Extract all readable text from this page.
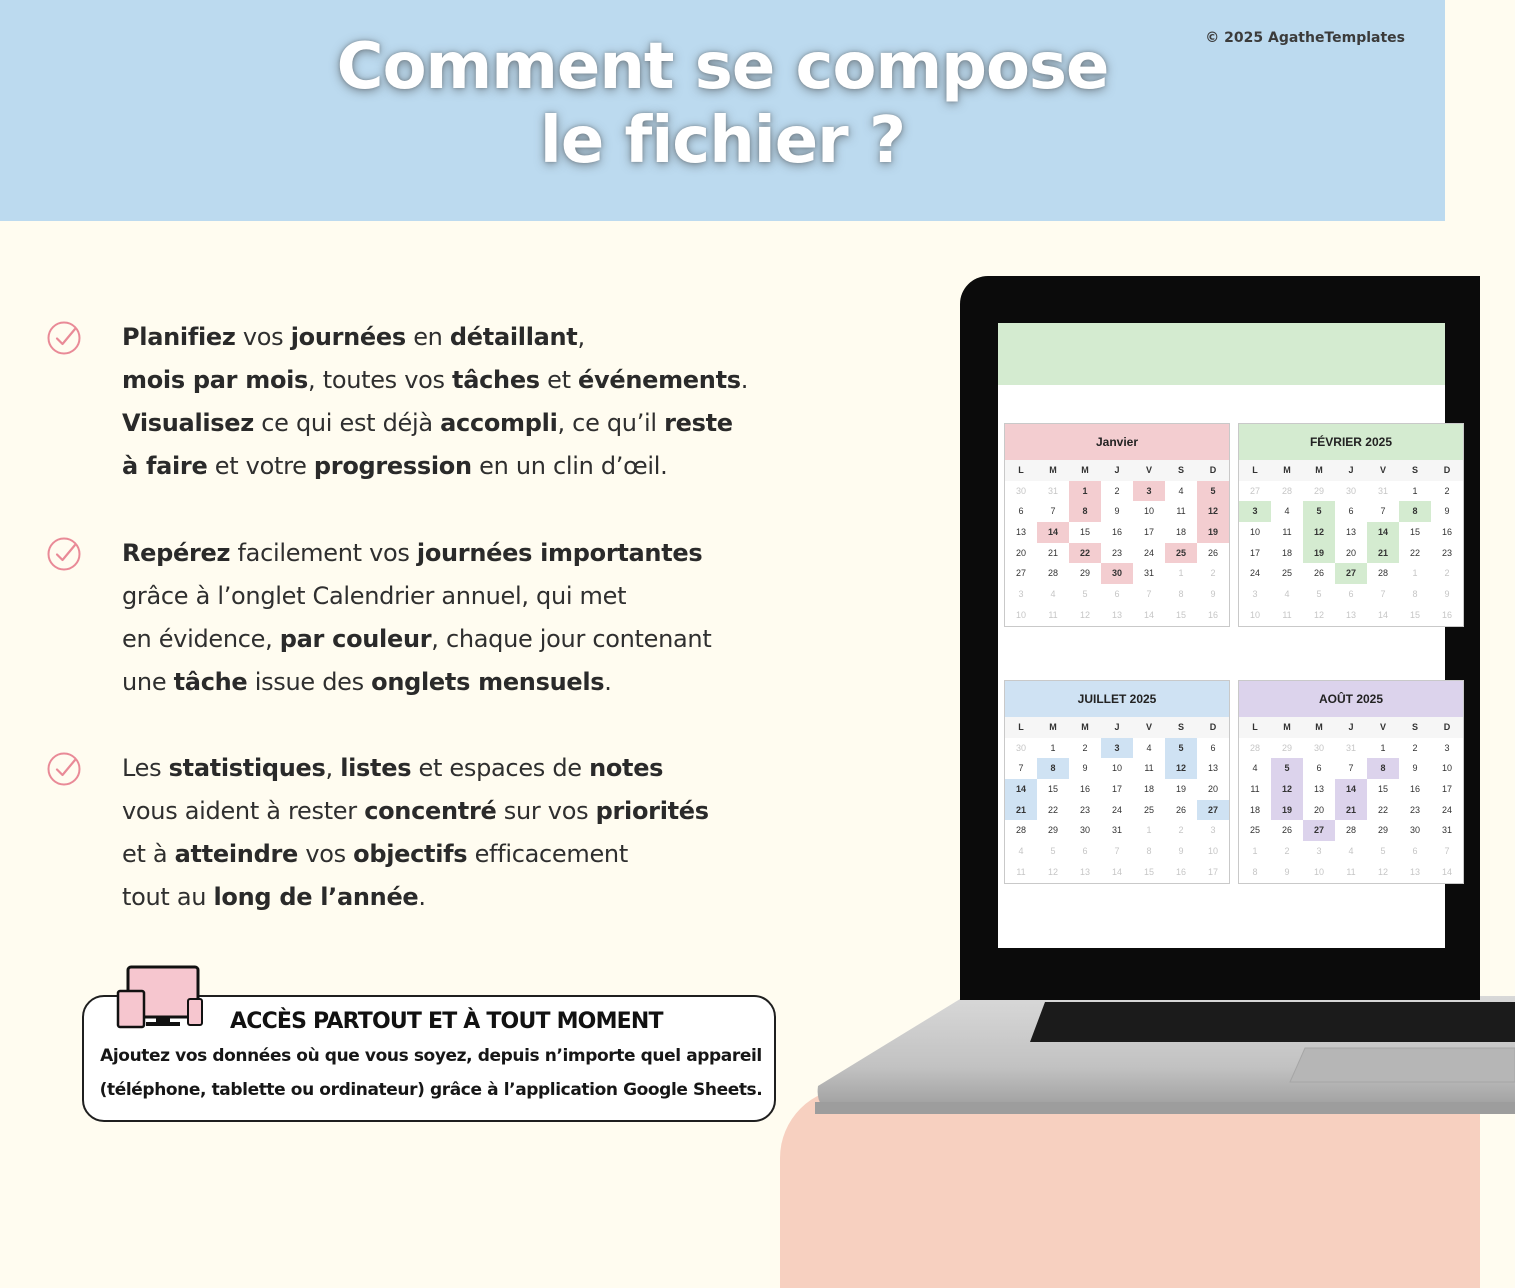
Comment se compose
le fichier ?
© 2025 AgatheTemplates

Planifiez vos journées en détaillant,
mois par mois, toutes vos tâches et événements.
Visualisez ce qui est déjà accompli, ce qu’il reste
à faire et votre progression en un clin d’œil.

Repérez facilement vos journées importantes
grâce à l’onglet Calendrier annuel, qui met
en évidence, par couleur, chaque jour contenant
une tâche issue des onglets mensuels.

Les statistiques, listes et espaces de notes
vous aident à rester concentré sur vos priorités
et à atteindre vos objectifs efficacement
tout au long de l’année.

ACCÈS PARTOUT ET À TOUT MOMENT
Ajoutez vos données où que vous soyez, depuis n’importe quel appareil
(téléphone, tablette ou ordinateur) grâce à l’application Google Sheets.
Janvier
L	M	M	J	V	S	D
30	31	1	2	3	4	5
6	7	8	9	10	11	12
13	14	15	16	17	18	19
20	21	22	23	24	25	26
27	28	29	30	31	1	2
3	4	5	6	7	8	9
10	11	12	13	14	15	16
FÉVRIER 2025
L	M	M	J	V	S	D
27	28	29	30	31	1	2
3	4	5	6	7	8	9
10	11	12	13	14	15	16
17	18	19	20	21	22	23
24	25	26	27	28	1	2
3	4	5	6	7	8	9
10	11	12	13	14	15	16
JUILLET 2025
L	M	M	J	V	S	D
30	1	2	3	4	5	6
7	8	9	10	11	12	13
14	15	16	17	18	19	20
21	22	23	24	25	26	27
28	29	30	31	1	2	3
4	5	6	7	8	9	10
11	12	13	14	15	16	17
AOÛT 2025
L	M	M	J	V	S	D
28	29	30	31	1	2	3
4	5	6	7	8	9	10
11	12	13	14	15	16	17
18	19	20	21	22	23	24
25	26	27	28	29	30	31
1	2	3	4	5	6	7
8	9	10	11	12	13	14
